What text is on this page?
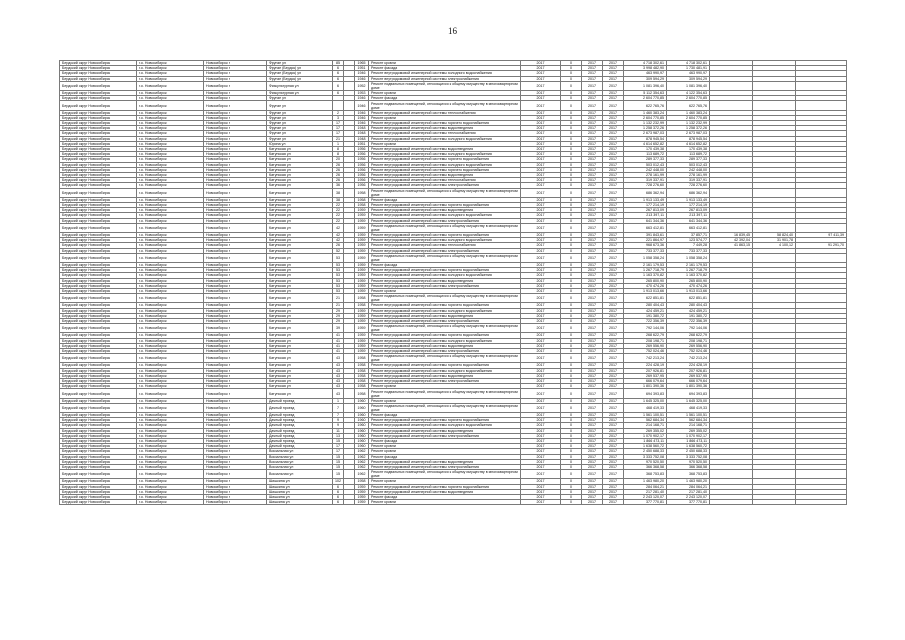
16
Бердский округ Новосибирск	г.о. Новосибирск	Новосибирск г	Фрунзе ул	85		1965	Ремонт кровли	2017	0	2017	2017	4 718 302,61	4 718 302,61			
Бердский округ Новосибирск	г.о. Новосибирск	Новосибирск г	Фрунзе (Бердск) ул	6		1951	Ремонт фасада	2017	0	2017	2017	3 998 482,90	1 730 481,91			
Бердский округ Новосибирск	г.о. Новосибирск	Новосибирск г	Фрунзе (Бердск) ул	6		1946	Ремонт внутридомовой инженерной системы холодного водоснабжения	2017	0	2017	2017	463 990,97	463 990,97			
Бердский округ Новосибирск	г.о. Новосибирск	Новосибирск г	Фрунзе (Бердск) ул	6		1946	Ремонт внутридомовой инженерной системы электроснабжения	2017	0	2017	2017	309 594,29	309 594,29			
Бердский округ Новосибирск	г.о. Новосибирск	Новосибирск г	Физкультурная ул	6		1952	Ремонт подвальных помещений, относящихся к общему имуществу в многоквартирном доме	2017	0	2017	2017	1 081 396,40	1 081 396,40			
Бердский округ Новосибирск	г.о. Новосибирск	Новосибирск г	Физкультурная ул	6		1953	Ремонт кровли	2017	0	2017	2017	5 112 354,63	4 122 354,63			
Бердский округ Новосибирск	г.о. Новосибирск	Новосибирск г	Фрунзе ул			1946	Ремонт фасада	2017	0	2017	2017	2 604 770,85	2 604 770,85			
Бердский округ Новосибирск	г.о. Новосибирск	Новосибирск г	Фрунзе ул			1946	Ремонт подвальных помещений, относящихся к общему имуществу в многоквартирном доме	2017	0	2017	2017	622 765,76	622 765,76			
Бердский округ Новосибирск	г.о. Новосибирск	Новосибирск г	Фрунзе ул	2		1946	Ремонт внутридомовой инженерной системы теплоснабжения	2017	0	2017	2017	1 460 383,24	1 460 383,24			
Бердский округ Новосибирск	г.о. Новосибирск	Новосибирск г	Фрунзе ул	3		1946	Ремонт кровли	2017	0	2017	2017	2 604 770,85	2 604 770,85			
Бердский округ Новосибирск	г.о. Новосибирск	Новосибирск г	Фрунзе ул	17		1946	Ремонт внутридомовой инженерной системы горячего водоснабжения	2017	0	2017	2017	1 132 232,99	1 132 232,99			
Бердский округ Новосибирск	г.о. Новосибирск	Новосибирск г	Фрунзе ул	17		1948	Ремонт внутридомовой инженерной системы водоотведения	2017	0	2017	2017	1 258 372,26	1 258 372,26			
Бердский округ Новосибирск	г.о. Новосибирск	Новосибирск г	Фрунзе ул	17		1948	Ремонт внутридомовой инженерной системы теплоснабжения	2017	0	2017	2017	2 673 987,03	2 673 987,03			
Бердский округ Новосибирск	г.о. Новосибирск	Новосибирск г	Фрунзе ул	21		1948	Ремонт внутридомовой инженерной системы холодного водоснабжения	2017	0	2017	2017	878 945,54	878 945,54			
Бердский округ Новосибирск	г.о. Новосибирск	Новосибирск г	Юрина ул	1		1951	Ремонт кровли	2017	0	2017	2017	4 614 652,82	4 614 652,82			
Бердский округ Новосибирск	г.о. Новосибирск	Новосибирск г	Катунская ул	8		1956	Ремонт внутридомовой инженерной системы водоотведения	2017	0	2017	2017	170 439,38	170 439,38			
Бердский округ Новосибирск	г.о. Новосибирск	Новосибирск г	Катунская ул	8		1956	Ремонт внутридомовой инженерной системы холодного водоснабжения	2017	0	2017	2017	113 689,72	113 689,72			
Бердский округ Новосибирск	г.о. Новосибирск	Новосибирск г	Катунская ул	20		1956	Ремонт внутридомовой инженерной системы горячего водоснабжения	2017	0	2017	2017	289 377,33	289 377,33			
Бердский округ Новосибирск	г.о. Новосибирск	Новосибирск г	Катунская ул	26		1956	Ремонт внутридомовой инженерной системы холодного водоснабжения	2017	0	2017	2017	503 012,43	503 012,43			
Бердский округ Новосибирск	г.о. Новосибирск	Новосибирск г	Катунская ул	26		1956	Ремонт внутридомовой инженерной системы горячего водоснабжения	2017	0	2017	2017	242 448,00	242 448,00			
Бердский округ Новосибирск	г.о. Новосибирск	Новосибирск г	Катунская ул	26		1956	Ремонт внутридомовой инженерной системы водоотведения	2017	0	2017	2017	278 161,99	278 161,99			
Бердский округ Новосибирск	г.о. Новосибирск	Новосибирск г	Катунская ул	26		1956	Ремонт внутридомовой инженерной системы теплоснабжения	2017	0	2017	2017	319 337,91	319 337,91			
Бердский округ Новосибирск	г.о. Новосибирск	Новосибирск г	Катунская ул	36		1956	Ремонт внутридомовой инженерной системы электроснабжения	2017	0	2017	2017	728 276,60	728 276,60			
Бердский округ Новосибирск	г.о. Новосибирск	Новосибирск г	Катунская ул	38		1958	Ремонт подвальных помещений, относящихся к общему имуществу в многоквартирном доме	2017	0	2017	2017	686 362,94	686 362,94			
Бердский округ Новосибирск	г.о. Новосибирск	Новосибирск г	Катунская ул	38		1958	Ремонт фасада	2017	0	2017	2017	1 913 133,49	1 913 133,49			
Бердский округ Новосибирск	г.о. Новосибирск	Новосибирск г	Катунская ул	22		1958	Ремонт внутридомовой инженерной системы горячего водоснабжения	2017	0	2017	2017	177 214,19	177 214,19			
Бердский округ Новосибирск	г.о. Новосибирск	Новосибирск г	Катунская ул	22		1959	Ремонт внутридомовой инженерной системы водоотведения	2017	0	2017	2017	267 813,09	267 813,09			
Бердский округ Новосибирск	г.о. Новосибирск	Новосибирск г	Катунская ул	22		1959	Ремонт внутридомовой инженерной системы холодного водоснабжения	2017	0	2017	2017	213 397,11	213 397,11			
Бердский округ Новосибирск	г.о. Новосибирск	Новосибирск г	Катунская ул	22		1959	Ремонт внутридомовой инженерной системы электроснабжения	2017	0	2017	2017	641 344,36	641 344,36			
Бердский округ Новосибирск	г.о. Новосибирск	Новосибирск г	Катунская ул	42		1959	Ремонт подвальных помещений, относящихся к общему имуществу в многоквартирном доме	2017	0	2017	2017	663 412,81	663 412,81			
Бердский округ Новосибирск	г.о. Новосибирск	Новосибирск г	Катунская ул	42		1959	Ремонт внутридомовой инженерной системы горячего водоснабжения	2017	0	2017	2017	391 843,61	37 857,71	16 839,45	58 824,40	97 411,39
Бердский округ Новосибирск	г.о. Новосибирск	Новосибирск г	Катунская ул	42		1959	Ремонт внутридомовой инженерной системы холодного водоснабжения	2017	0	2017	2017	221 864,97	123 574,77	42 392,04	31 901,78	
Бердский округ Новосибирск	г.о. Новосибирск	Новосибирск г	Катунская ул	26		1959	Ремонт внутридомовой инженерной системы теплоснабжения	2017	0	2017	2017	968 673,36	7 449,28	41 863,15	4 100,12	91 291,70
Бердский округ Новосибирск	г.о. Новосибирск	Новосибирск г	Катунская ул	52		1959	Ремонт внутридомовой инженерной системы электроснабжения	2017	0	2017	2017	733 377,33	733 377,33			
Бердский округ Новосибирск	г.о. Новосибирск	Новосибирск г	Катунская ул	53		1959	Ремонт подвальных помещений, относящихся к общему имуществу в многоквартирном доме	2017	0	2017	2017	1 058 358,24	1 058 358,24			
Бердский округ Новосибирск	г.о. Новосибирск	Новосибирск г	Катунская ул	53		1959	Ремонт фасада	2017	0	2017	2017	2 161 179,53	2 161 179,53			
Бердский округ Новосибирск	г.о. Новосибирск	Новосибирск г	Катунская ул	53		1959	Ремонт внутридомовой инженерной системы горячего водоснабжения	2017	0	2017	2017	1 267 718,79	1 267 718,79			
Бердский округ Новосибирск	г.о. Новосибирск	Новосибирск г	Катунская ул	53		1959	Ремонт внутридомовой инженерной системы холодного водоснабжения	2017	0	2017	2017	1 163 370,82	1 163 370,82			
Бердский округ Новосибирск	г.о. Новосибирск	Новосибирск г	Катунская ул	53		1959	Ремонт внутридомовой инженерной системы водоотведения	2017	0	2017	2017	265 800,90	265 800,90			
Бердский округ Новосибирск	г.о. Новосибирск	Новосибирск г	Катунская ул	53		1959	Ремонт внутридомовой инженерной системы электроснабжения	2017	0	2017	2017	470 474,26	470 474,26			
Бердский округ Новосибирск	г.о. Новосибирск	Новосибирск г	Катунская ул	53		1959	Ремонт кровли	2017	0	2017	2017	1 913 013,66	1 913 013,66			
Бердский округ Новосибирск	г.о. Новосибирск	Новосибирск г	Катунская ул	21		1958	Ремонт подвальных помещений, относящихся к общему имуществу в многоквартирном доме	2017	0	2017	2017	622 851,81	622 851,81			
Бердский округ Новосибирск	г.о. Новосибирск	Новосибирск г	Катунская ул	21		1958	Ремонт внутридомовой инженерной системы горячего водоснабжения	2017	0	2017	2017	280 404,43	280 404,43			
Бердский округ Новосибирск	г.о. Новосибирск	Новосибирск г	Катунская ул	29		1959	Ремонт внутридомовой инженерной системы холодного водоснабжения	2017	0	2017	2017	424 459,21	424 459,21			
Бердский округ Новосибирск	г.о. Новосибирск	Новосибирск г	Катунская ул	29		1959	Ремонт внутридомовой инженерной системы водоотведения	2017	0	2017	2017	191 380,72	191 380,72			
Бердский округ Новосибирск	г.о. Новосибирск	Новосибирск г	Катунская ул	29		1959	Ремонт внутридомовой инженерной системы электроснабжения	2017	0	2017	2017	722 356,39	722 356,39			
Бердский округ Новосибирск	г.о. Новосибирск	Новосибирск г	Катунская ул	39		1959	Ремонт подвальных помещений, относящихся к общему имуществу в многоквартирном доме	2017	0	2017	2017	792 144,06	792 144,06			
Бердский округ Новосибирск	г.о. Новосибирск	Новосибирск г	Катунская ул	41		1959	Ремонт внутридомовой инженерной системы горячего водоснабжения	2017	0	2017	2017	268 622,79	268 622,79			
Бердский округ Новосибирск	г.о. Новосибирск	Новосибирск г	Катунская ул	41		1959	Ремонт внутридомовой инженерной системы холодного водоснабжения	2017	0	2017	2017	208 198,71	208 198,71			
Бердский округ Новосибирск	г.о. Новосибирск	Новосибирск г	Катунская ул	41		1959	Ремонт внутридомовой инженерной системы водоотведения	2017	0	2017	2017	269 556,90	269 556,90			
Бердский округ Новосибирск	г.о. Новосибирск	Новосибирск г	Катунская ул	41		1959	Ремонт внутридомовой инженерной системы электроснабжения	2017	0	2017	2017	752 024,46	752 024,46			
Бердский округ Новосибирск	г.о. Новосибирск	Новосибирск г	Катунская ул	43		1958	Ремонт подвальных помещений, относящихся к общему имуществу в многоквартирном доме	2017	0	2017	2017	742 213,24	742 213,24			
Бердский округ Новосибирск	г.о. Новосибирск	Новосибирск г	Катунская ул	43		1958	Ремонт внутридомовой инженерной системы горячего водоснабжения	2017	0	2017	2017	224 428,19	224 428,19			
Бердский округ Новосибирск	г.о. Новосибирск	Новосибирск г	Катунская ул	43		1958	Ремонт внутридомовой инженерной системы холодного водоснабжения	2017	0	2017	2017	207 926,81	207 926,81			
Бердский округ Новосибирск	г.о. Новосибирск	Новосибирск г	Катунская ул	43		1958	Ремонт внутридомовой инженерной системы водоотведения	2017	0	2017	2017	269 537,95	269 537,95			
Бердский округ Новосибирск	г.о. Новосибирск	Новосибирск г	Катунская ул	43		1958	Ремонт внутридомовой инженерной системы электроснабжения	2017	0	2017	2017	666 079,64	666 079,64			
Бердский округ Новосибирск	г.о. Новосибирск	Новосибирск г	Катунская ул	43		1958	Ремонт кровли	2017	0	2017	2017	1 801 390,36	1 801 390,36			
Бердский округ Новосибирск	г.о. Новосибирск	Новосибирск г	Катунская ул	43		1958	Ремонт подвальных помещений, относящихся к общему имуществу в многоквартирном доме	2017	0	2017	2017	694 393,83	694 393,83			
Бердский округ Новосибирск	г.о. Новосибирск	Новосибирск г	Дачный проезд	1		1960	Ремонт кровли	2017	0	2017	2017	1 645 325,00	1 645 325,00			
Бердский округ Новосибирск	г.о. Новосибирск	Новосибирск г	Дачный проезд	7		1960	Ремонт подвальных помещений, относящихся к общему имуществу в многоквартирном доме	2017	0	2017	2017	468 419,33	468 419,33			
Бердский округ Новосибирск	г.о. Новосибирск	Новосибирск г	Дачный проезд	7		1960	Ремонт фасада	2017	0	2017	2017	1 561 100,51	1 561 100,51			
Бердский округ Новосибирск	г.о. Новосибирск	Новосибирск г	Дачный проезд	9		1960	Ремонт внутридомовой инженерной системы горячего водоснабжения	2017	0	2017	2017	562 684,34	562 684,34			
Бердский округ Новосибирск	г.о. Новосибирск	Новосибирск г	Дачный проезд	9		1960	Ремонт внутридомовой инженерной системы холодного водоснабжения	2017	0	2017	2017	214 168,71	214 168,71			
Бердский округ Новосибирск	г.о. Новосибирск	Новосибирск г	Дачный проезд	11		1960	Ремонт внутридомовой инженерной системы водоотведения	2017	0	2017	2017	269 355,02	269 355,02			
Бердский округ Новосибирск	г.о. Новосибирск	Новосибирск г	Дачный проезд	13		1960	Ремонт внутридомовой инженерной системы электроснабжения	2017	0	2017	2017	1 070 902,17	1 070 902,17			
Бердский округ Новосибирск	г.о. Новосибирск	Новосибирск г	Дачный проезд	15		1960	Ремонт фасада	2017	0	2017	2017	1 866 473,11	1 866 473,11			
Бердский округ Новосибирск	г.о. Новосибирск	Новосибирск г	Дачный проезд	17		1960	Ремонт кровли	2017	0	2017	2017	1 638 560,72	1 638 560,72			
Бердский округ Новосибирск	г.о. Новосибирск	Новосибирск г	Вокзальная ул	17		1962	Ремонт кровли	2017	0	2017	2017	2 450 688,33	2 450 688,33			
Бердский округ Новосибирск	г.о. Новосибирск	Новосибирск г	Вокзальная ул	15		1962	Ремонт фасада	2017	0	2017	2017	3 333 752,08	3 333 752,08			
Бердский округ Новосибирск	г.о. Новосибирск	Новосибирск г	Вокзальная ул	15		1962	Ремонт внутридомовой инженерной системы водоотведения	2017	0	2017	2017	970 520,50	970 520,50			
Бердский округ Новосибирск	г.о. Новосибирск	Новосибирск г	Вокзальная ул	15		1962	Ремонт внутридомовой инженерной системы электроснабжения	2017	0	2017	2017	366 368,58	366 368,58			
Бердский округ Новосибирск	г.о. Новосибирск	Новосибирск г	Вокзальная ул	15		1962	Ремонт подвальных помещений, относящихся к общему имуществу в многоквартирном доме	2017	0	2017	2017	368 753,83	368 753,83			
Бердский округ Новосибирск	г.о. Новосибирск	Новосибирск г	Шишкина ул	102		1958	Ремонт кровли	2017	0	2017	2017	1 463 980,20	1 463 980,20			
Бердский округ Новосибирск	г.о. Новосибирск	Новосибирск г	Шишкина ул	6		1959	Ремонт внутридомовой инженерной системы горячего водоснабжения	2017	0	2017	2017	284 064,21	284 064,21			
Бердский округ Новосибирск	г.о. Новосибирск	Новосибирск г	Шишкина ул	6		1959	Ремонт внутридомовой инженерной системы водоотведения	2017	0	2017	2017	217 281,40	217 281,40			
Бердский округ Новосибирск	г.о. Новосибирск	Новосибирск г	Шишкина ул	6		1959	Ремонт фасада	2017	0	2017	2017	2 243 120,07	2 243 120,07			
Бердский округ Новосибирск	г.о. Новосибирск	Новосибирск г	Шишкина ул	6		1959	Ремонт кровли	2017	0	2017	2017	377 770,81	377 770,81			
